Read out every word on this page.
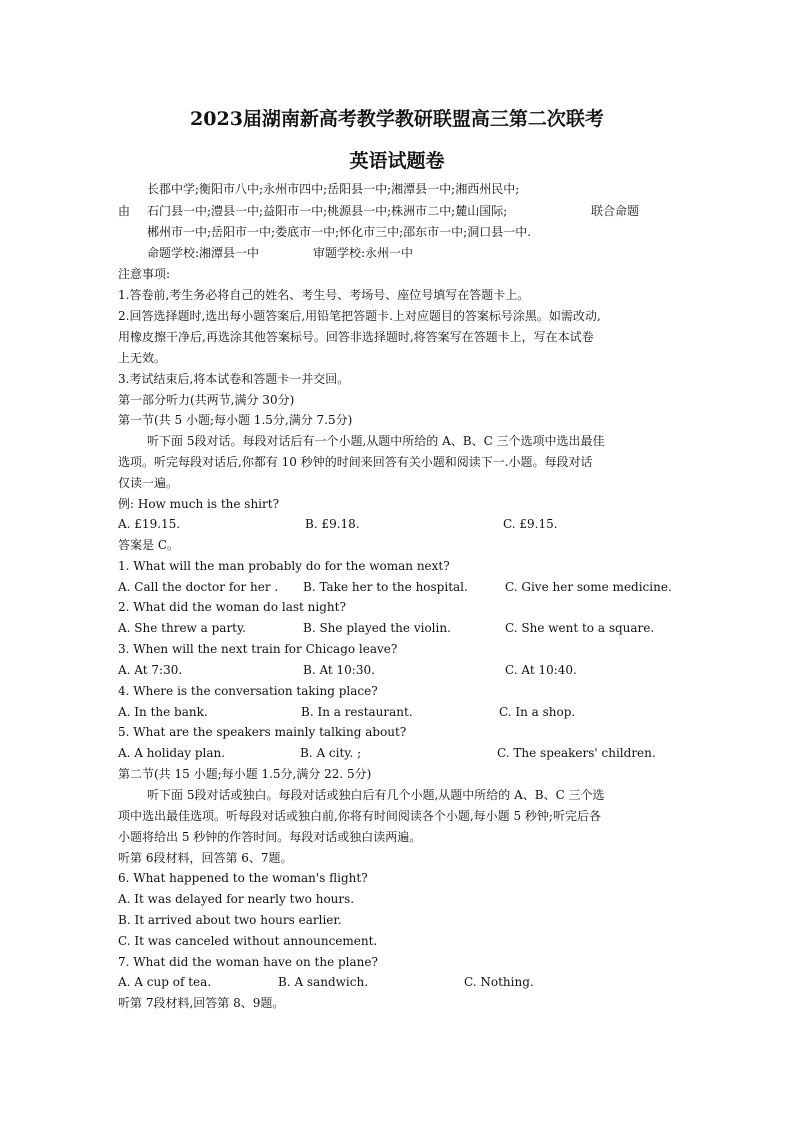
2023届湖南新高考教学教研联盟高三第二次联考
英语试题卷
长郡中学;衡阳市八中;永州市四中;岳阳县一中;湘潭县一中;湘西州民中;
由 石门县一中;澧县一中;益阳市一中;桃源县一中;株洲市二中;麓山国际;	联合命题
郴州市一中;岳阳市一中;娄底市一中;怀化市三中;邵东市一中;洞口县一中.
命题学校:湘潭县一中	审题学校:永州一中
注意事项:
1.答卷前,考生务必将自己的姓名、考生号、考场号、座位号填写在答题卡上。
2.回答选择题时,选出每小题答案后,用铅笔把答题卡.上对应题目的答案标号涂黑。如需改动,
用橡皮擦干净后,再选涂其他答案标号。回答非选择题时,将答案写在答题卡上，写在本试卷
上无效。
3.考试结束后,将本试卷和答题卡一并交回。
第一部分听力(共两节,满分 30分)
第一节(共 5 小题;每小题 1.5分,满分 7.5分)
听下面 5段对话。每段对话后有一个小题,从题中所给的 A、B、C 三个选项中选出最佳
选项。听完每段对话后,你都有 10 秒钟的时间来回答有关小题和阅读下一.小题。每段对话
仅读一遍。
例: How much is the shirt?
A. £19.15.	B. £9.18.	C. £9.15.
答案是 C。
1. What will the man probably do for the woman next?
A. Call the doctor for her . B. Take her to the hospital.	C. Give her some medicine.
2. What did the woman do last night?
A. She threw a party.	B. She played the violin.	C. She went to a square.
3. When will the next train for Chicago leave?
A. At 7:30.	B. At 10:30.	C. At 10:40.
4. Where is the conversation taking place?
A. In the bank.	B. In a restaurant.	C. In a shop.
5. What are the speakers mainly talking about?
A. A holiday plan.	B. A city. ;	C. The speakers' children.
第二节(共 15 小题;每小题 1.5分,满分 22. 5分)
听下面 5段对话或独白。每段对话或独白后有几个小题,从题中所给的 A、B、C 三个选
项中选出最佳选项。听每段对话或独白前,你将有时间阅读各个小题,每小题 5 秒钟;听完后各
小题将给出 5 秒钟的作答时间。每段对话或独白读两遍。
听第 6段材料，回答第 6、7题。
6. What happened to the woman's flight?
A. It was delayed for nearly two hours.
B. It arrived about two hours earlier.
C. It was canceled without announcement.
7. What did the woman have on the plane?
A. A cup of tea.	B. A sandwich.	C. Nothing.
听第 7段材料,回答第 8、9题。
